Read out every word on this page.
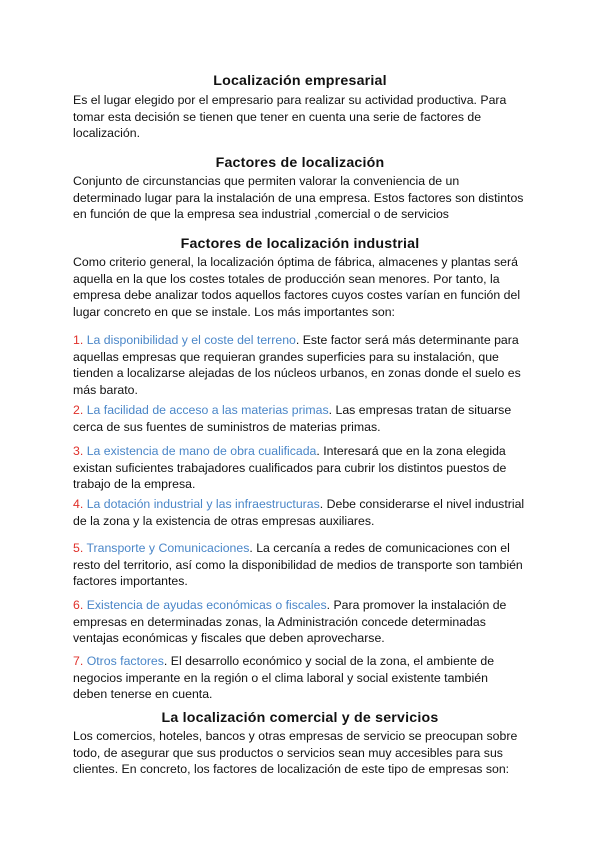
Localización empresarial

Es el lugar elegido por el empresario para realizar su actividad productiva. Para tomar esta decisión se tienen que tener en cuenta una serie de factores de localización.

Factores de localización

Conjunto de circunstancias que permiten valorar la conveniencia de un determinado lugar para la instalación de una empresa. Estos factores son distintos en función de que la empresa sea industrial ,comercial o de servicios

Factores de localización industrial

Como criterio general, la localización óptima de fábrica, almacenes y plantas será aquella en la que los costes totales de producción sean menores. Por tanto, la empresa debe analizar todos aquellos factores cuyos costes varían en función del lugar concreto en que se instale. Los más importantes son:

1. La disponibilidad y el coste del terreno. Este factor será más determinante para aquellas empresas que requieran grandes superficies para su instalación, que tienden a localizarse alejadas de los núcleos urbanos, en zonas donde el suelo es más barato.

2. La facilidad de acceso a las materias primas. Las empresas tratan de situarse cerca de sus fuentes de suministros de materias primas.

3. La existencia de mano de obra cualificada. Interesará que en la zona elegida existan suficientes trabajadores cualificados para cubrir los distintos puestos de trabajo de la empresa.

4. La dotación industrial y las infraestructuras. Debe considerarse el nivel industrial de la zona y la existencia de otras empresas auxiliares.

5. Transporte y Comunicaciones. La cercanía a redes de comunicaciones con el resto del territorio, así como la disponibilidad de medios de transporte son también factores importantes.

6. Existencia de ayudas económicas o fiscales. Para promover la instalación de empresas en determinadas zonas, la Administración concede determinadas ventajas económicas y fiscales que deben aprovecharse.

7. Otros factores. El desarrollo económico y social de la zona, el ambiente de negocios imperante en la región o el clima laboral y social existente también deben tenerse en cuenta.

La localización comercial y de servicios

Los comercios, hoteles, bancos y otras empresas de servicio se preocupan sobre todo, de asegurar que sus productos o servicios sean muy accesibles para sus clientes. En concreto, los factores de localización de este tipo de empresas son:
